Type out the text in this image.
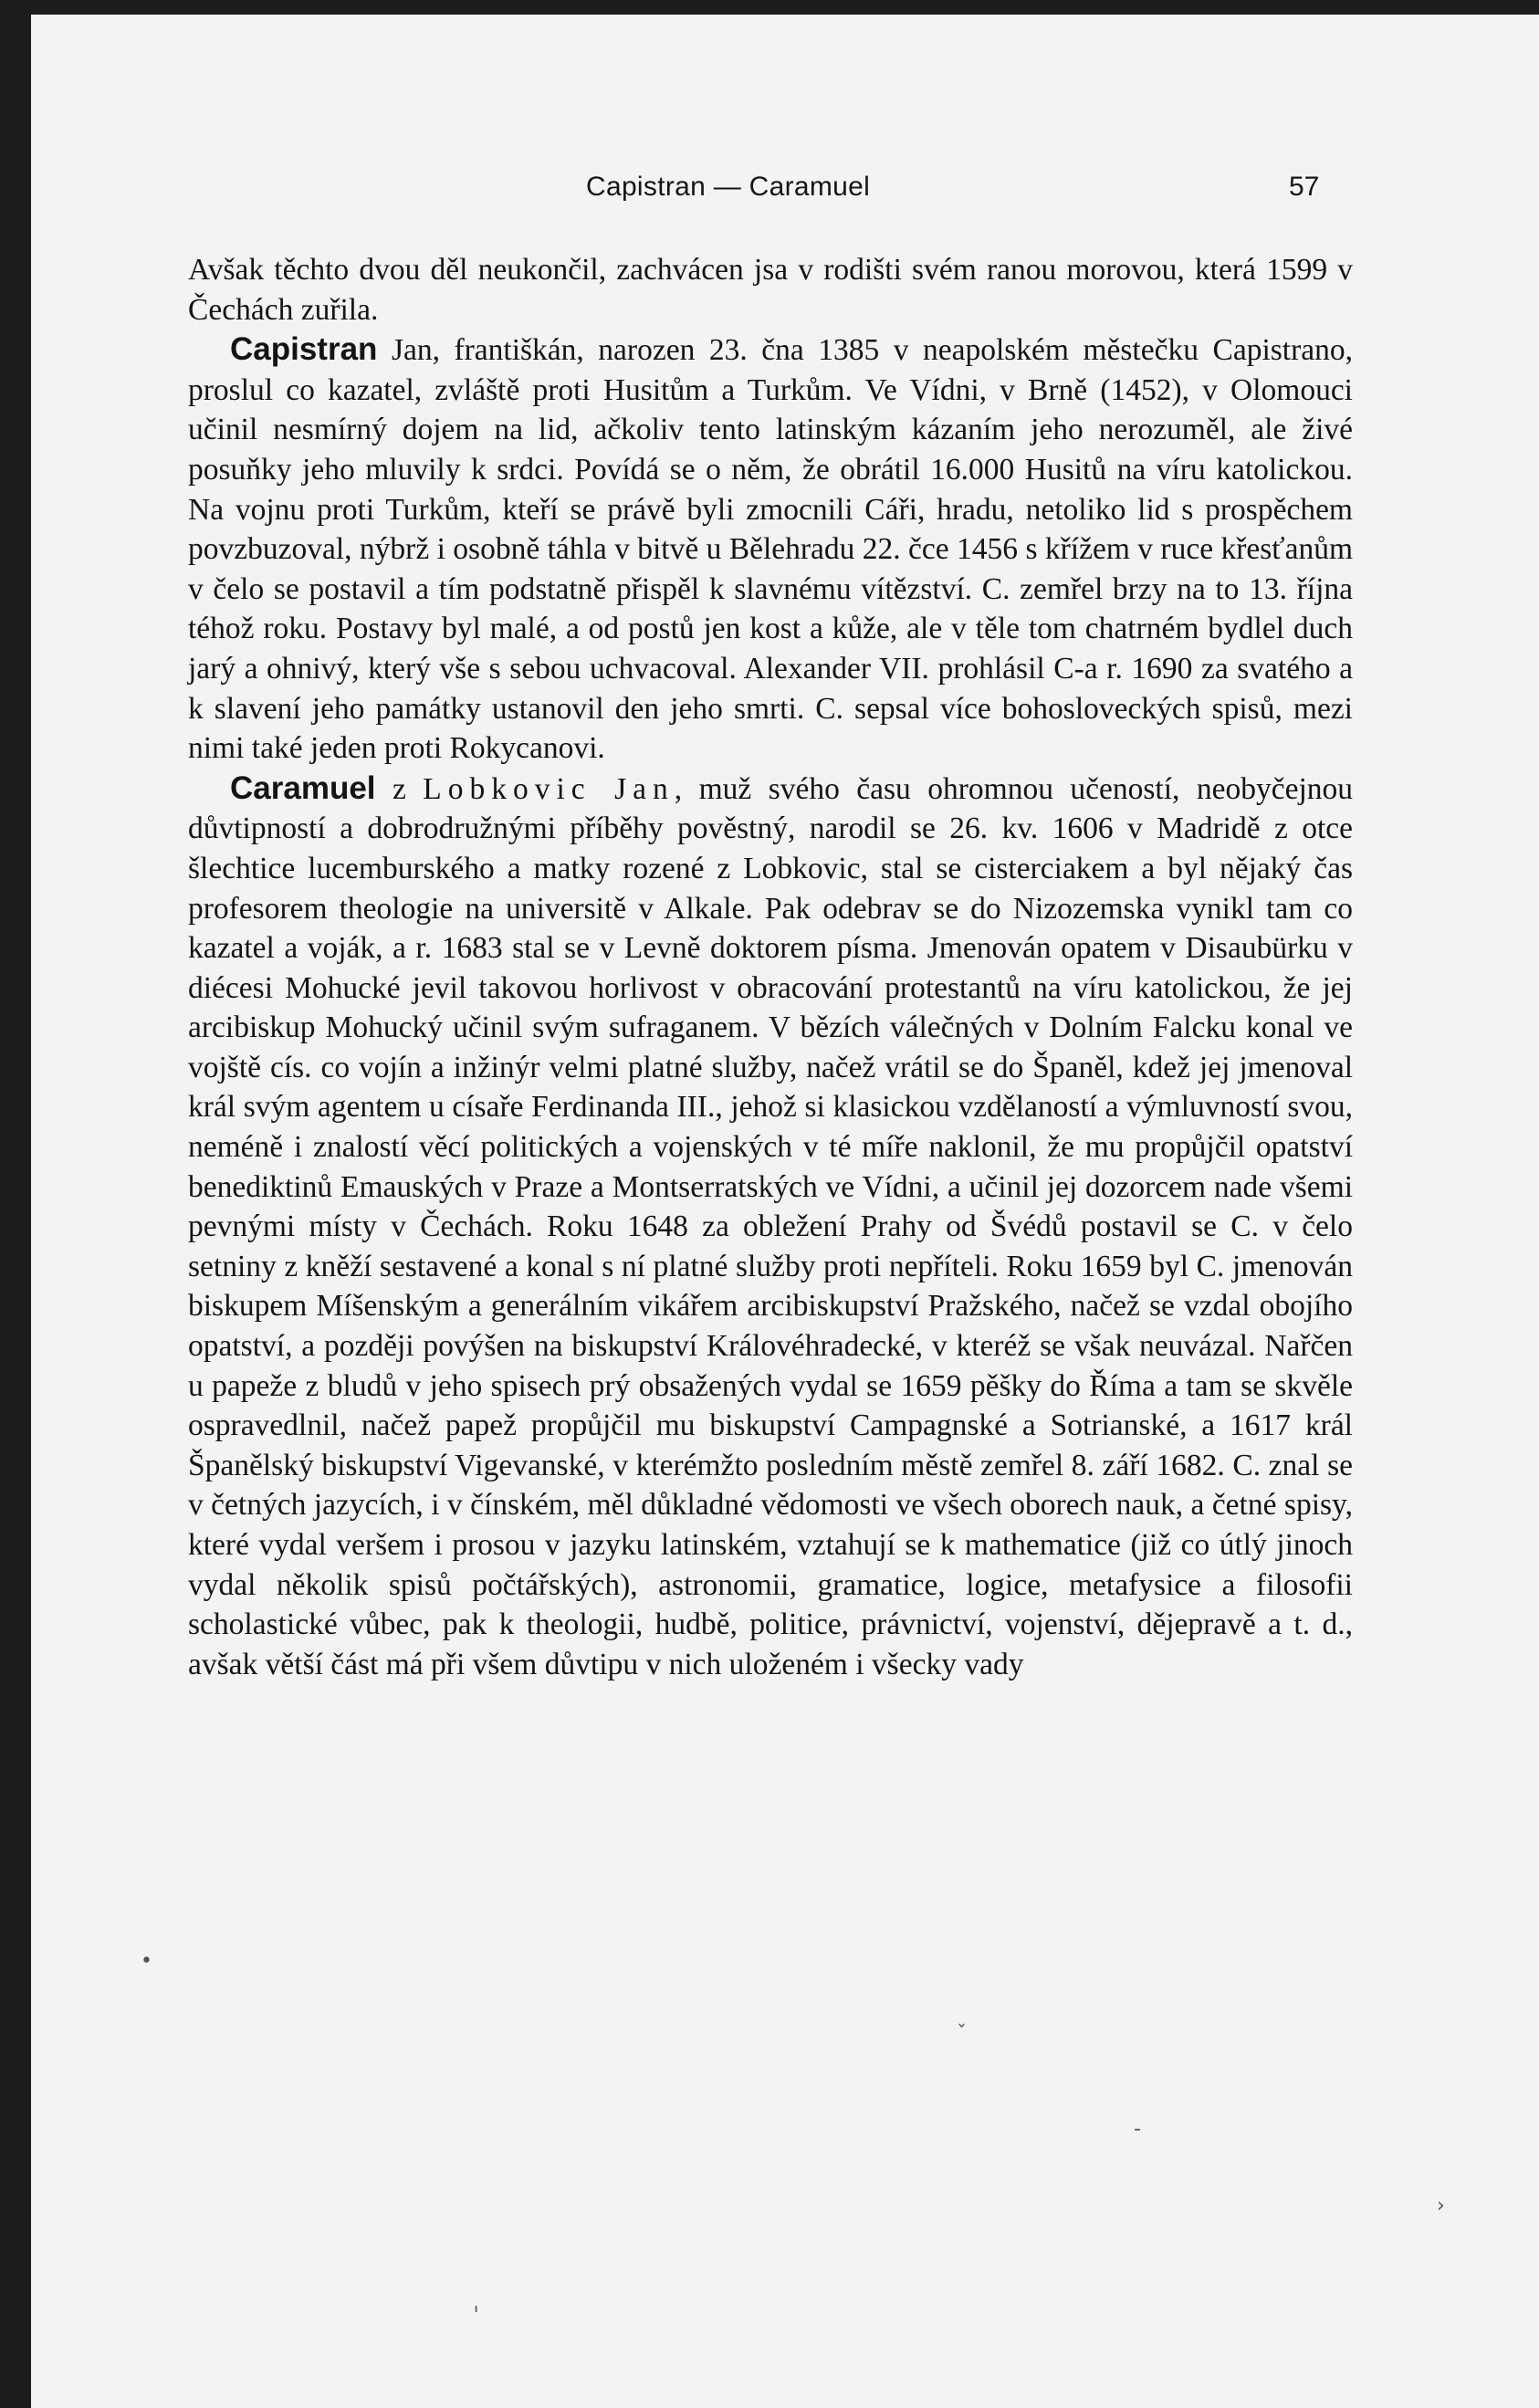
Capistran — Caramuel	57

Avšak těchto dvou děl neukončil, zachvácen jsa v rodišti svém ranou morovou, která 1599 v Čechách zuřila.

Capistran Jan, františkán, narozen 23. čna 1385 v neapolském městečku Capistrano, proslul co kazatel, zvláště proti Husitům a Turkům. Ve Vídni, v Brně (1452), v Olomouci učinil nesmírný dojem na lid, ačkoliv tento latinským kázaním jeho nerozuměl, ale živé posuňky jeho mluvily k srdci. Povídá se o něm, že obrátil 16.000 Husitů na víru katolickou. Na vojnu proti Turkům, kteří se právě byli zmocnili Cáři, hradu, netoliko lid s prospěchem povzbuzoval, nýbrž i osobně táhla v bitvě u Bělehradu 22. čce 1456 s křížem v ruce křesťanům v čelo se postavil a tím podstatně přispěl k slavnému vítězství. C. zemřel brzy na to 13. října téhož roku. Postavy byl malé, a od postů jen kost a kůže, ale v těle tom chatrném bydlel duch jarý a ohnivý, který vše s sebou uchvacoval. Alexander VII. prohlásil C-a r. 1690 za svatého a k slavení jeho památky ustanovil den jeho smrti. C. sepsal více bohosloveckých spisů, mezi nimi také jeden proti Rokycanovi.

Caramuel z Lobkovic Jan, muž svého času ohromnou učeností, neobyčejnou důvtipností a dobrodružnými příběhy pověstný, narodil se 26. kv. 1606 v Madridě z otce šlechtice lucemburského a matky rozené z Lobkovic, stal se cisterciakem a byl nějaký čas profesorem theologie na universitě v Alkale. Pak odebrav se do Nizozemska vynikl tam co kazatel a voják, a r. 1683 stal se v Levně doktorem písma. Jmenován opatem v Disaubürku v diécesi Mohucké jevil takovou horlivost v obracování protestantů na víru katolickou, že jej arcibiskup Mohucký učinil svým sufraganem. V bězích válečných v Dolním Falcku konal ve vojště cís. co vojín a inžinýr velmi platné služby, načež vrátil se do Španěl, kdež jej jmenoval král svým agentem u císaře Ferdinanda III., jehož si klasickou vzdělaností a výmluvností svou, neméně i znalostí věcí politických a vojenských v té míře naklonil, že mu propůjčil opatství benediktinů Emauských v Praze a Montserratských ve Vídni, a učinil jej dozorcem nade všemi pevnými místy v Čechách. Roku 1648 za obležení Prahy od Švédů postavil se C. v čelo setniny z kněží sestavené a konal s ní platné služby proti nepříteli. Roku 1659 byl C. jmenován biskupem Míšenským a generálním vikářem arcibiskupství Pražského, načež se vzdal obojího opatství, a později povýšen na biskupství Královéhradecké, v kteréž se však neuvázal. Nařčen u papeže z bludů v jeho spisech prý obsažených vydal se 1659 pěšky do Říma a tam se skvěle ospravedlnil, načež papež propůjčil mu biskupství Campagnské a Sotrianské, a 1617 král Španělský biskupství Vigevanské, v kterémžto posledním městě zemřel 8. září 1682. C. znal se v četných jazycích, i v čínském, měl důkladné vědomosti ve všech oborech nauk, a četné spisy, které vydal veršem i prosou v jazyku latinském, vztahují se k mathematice (již co útlý jinoch vydal několik spisů počtářských), astronomii, gramatice, logice, metafysice a filosofii scholastické vůbec, pak k theologii, hudbě, politice, právnictví, vojenství, dějepravě a t. d., avšak větší část má při všem důvtipu v nich uloženém i všecky vady

ˇ
-
›
ˌ
•
